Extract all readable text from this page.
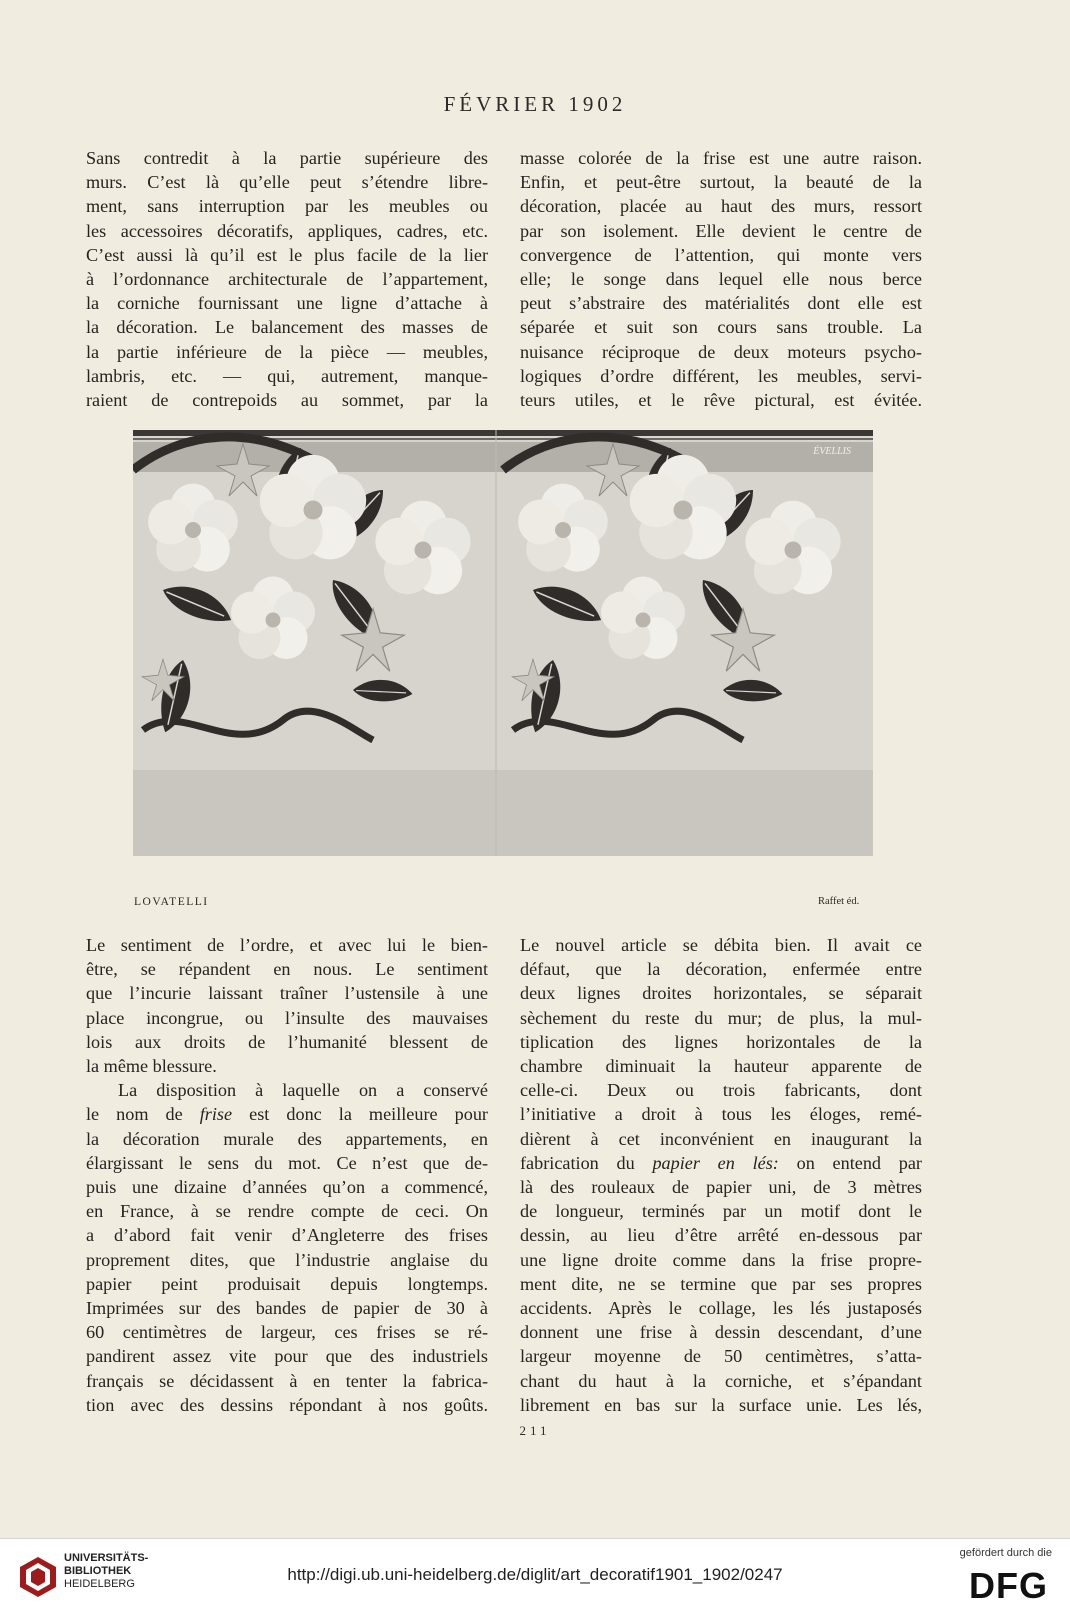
FÉVRIER 1902

Sans contredit à la partie supérieure des

murs. C’est là qu’elle peut s’étendre libre-

ment, sans interruption par les meubles ou

les accessoires décoratifs, appliques, cadres, etc.

C’est aussi là qu’il est le plus facile de la lier

à l’ordonnance architecturale de l’appartement,

la corniche fournissant une ligne d’attache à

la décoration. Le balancement des masses de

la partie inférieure de la pièce — meubles,

lambris, etc. — qui, autrement, manque-

raient de contrepoids au sommet, par la

masse colorée de la frise est une autre raison.

Enfin, et peut-être surtout, la beauté de la

décoration, placée au haut des murs, ressort

par son isolement. Elle devient le centre de

convergence de l’attention, qui monte vers

elle; le songe dans lequel elle nous berce

peut s’abstraire des matérialités dont elle est

séparée et suit son cours sans trouble. La

nuisance réciproque de deux moteurs psycho-

logiques d’ordre différent, les meubles, servi-

teurs utiles, et le rêve pictural, est évitée.

ÉVELLIS
LOVATELLI	Raffet éd.

Le sentiment de l’ordre, et avec lui le bien-

être, se répandent en nous. Le sentiment

que l’incurie laissant traîner l’ustensile à une

place incongrue, ou l’insulte des mauvaises

lois aux droits de l’humanité blessent de

la même blessure.

La disposition à laquelle on a conservé

le nom de frise est donc la meilleure pour

la décoration murale des appartements, en

élargissant le sens du mot. Ce n’est que de-

puis une dizaine d’années qu’on a commencé,

en France, à se rendre compte de ceci. On

a d’abord fait venir d’Angleterre des frises

proprement dites, que l’industrie anglaise du

papier peint produisait depuis longtemps.

Imprimées sur des bandes de papier de 30 à

60 centimètres de largeur, ces frises se ré-

pandirent assez vite pour que des industriels

français se décidassent à en tenter la fabrica-

tion avec des dessins répondant à nos goûts.

Le nouvel article se débita bien. Il avait ce

défaut, que la décoration, enfermée entre

deux lignes droites horizontales, se séparait

sèchement du reste du mur; de plus, la mul-

tiplication des lignes horizontales de la

chambre diminuait la hauteur apparente de

celle-ci. Deux ou trois fabricants, dont

l’initiative a droit à tous les éloges, remé-

dièrent à cet inconvénient en inaugurant la

fabrication du papier en lés: on entend par

là des rouleaux de papier uni, de 3 mètres

de longueur, terminés par un motif dont le

dessin, au lieu d’être arrêté en-dessous par

une ligne droite comme dans la frise propre-

ment dite, ne se termine que par ses propres

accidents. Après le collage, les lés justaposés

donnent une frise à dessin descendant, d’une

largeur moyenne de 50 centimètres, s’atta-

chant du haut à la corniche, et s’épandant

librement en bas sur la surface unie. Les lés,

211
UNIVERSITÄTS-
BIBLIOTHEK
HEIDELBERG	http://digi.ub.uni-heidelberg.de/diglit/art_decoratif1901_1902/0247
gefördert durch die
DFG
